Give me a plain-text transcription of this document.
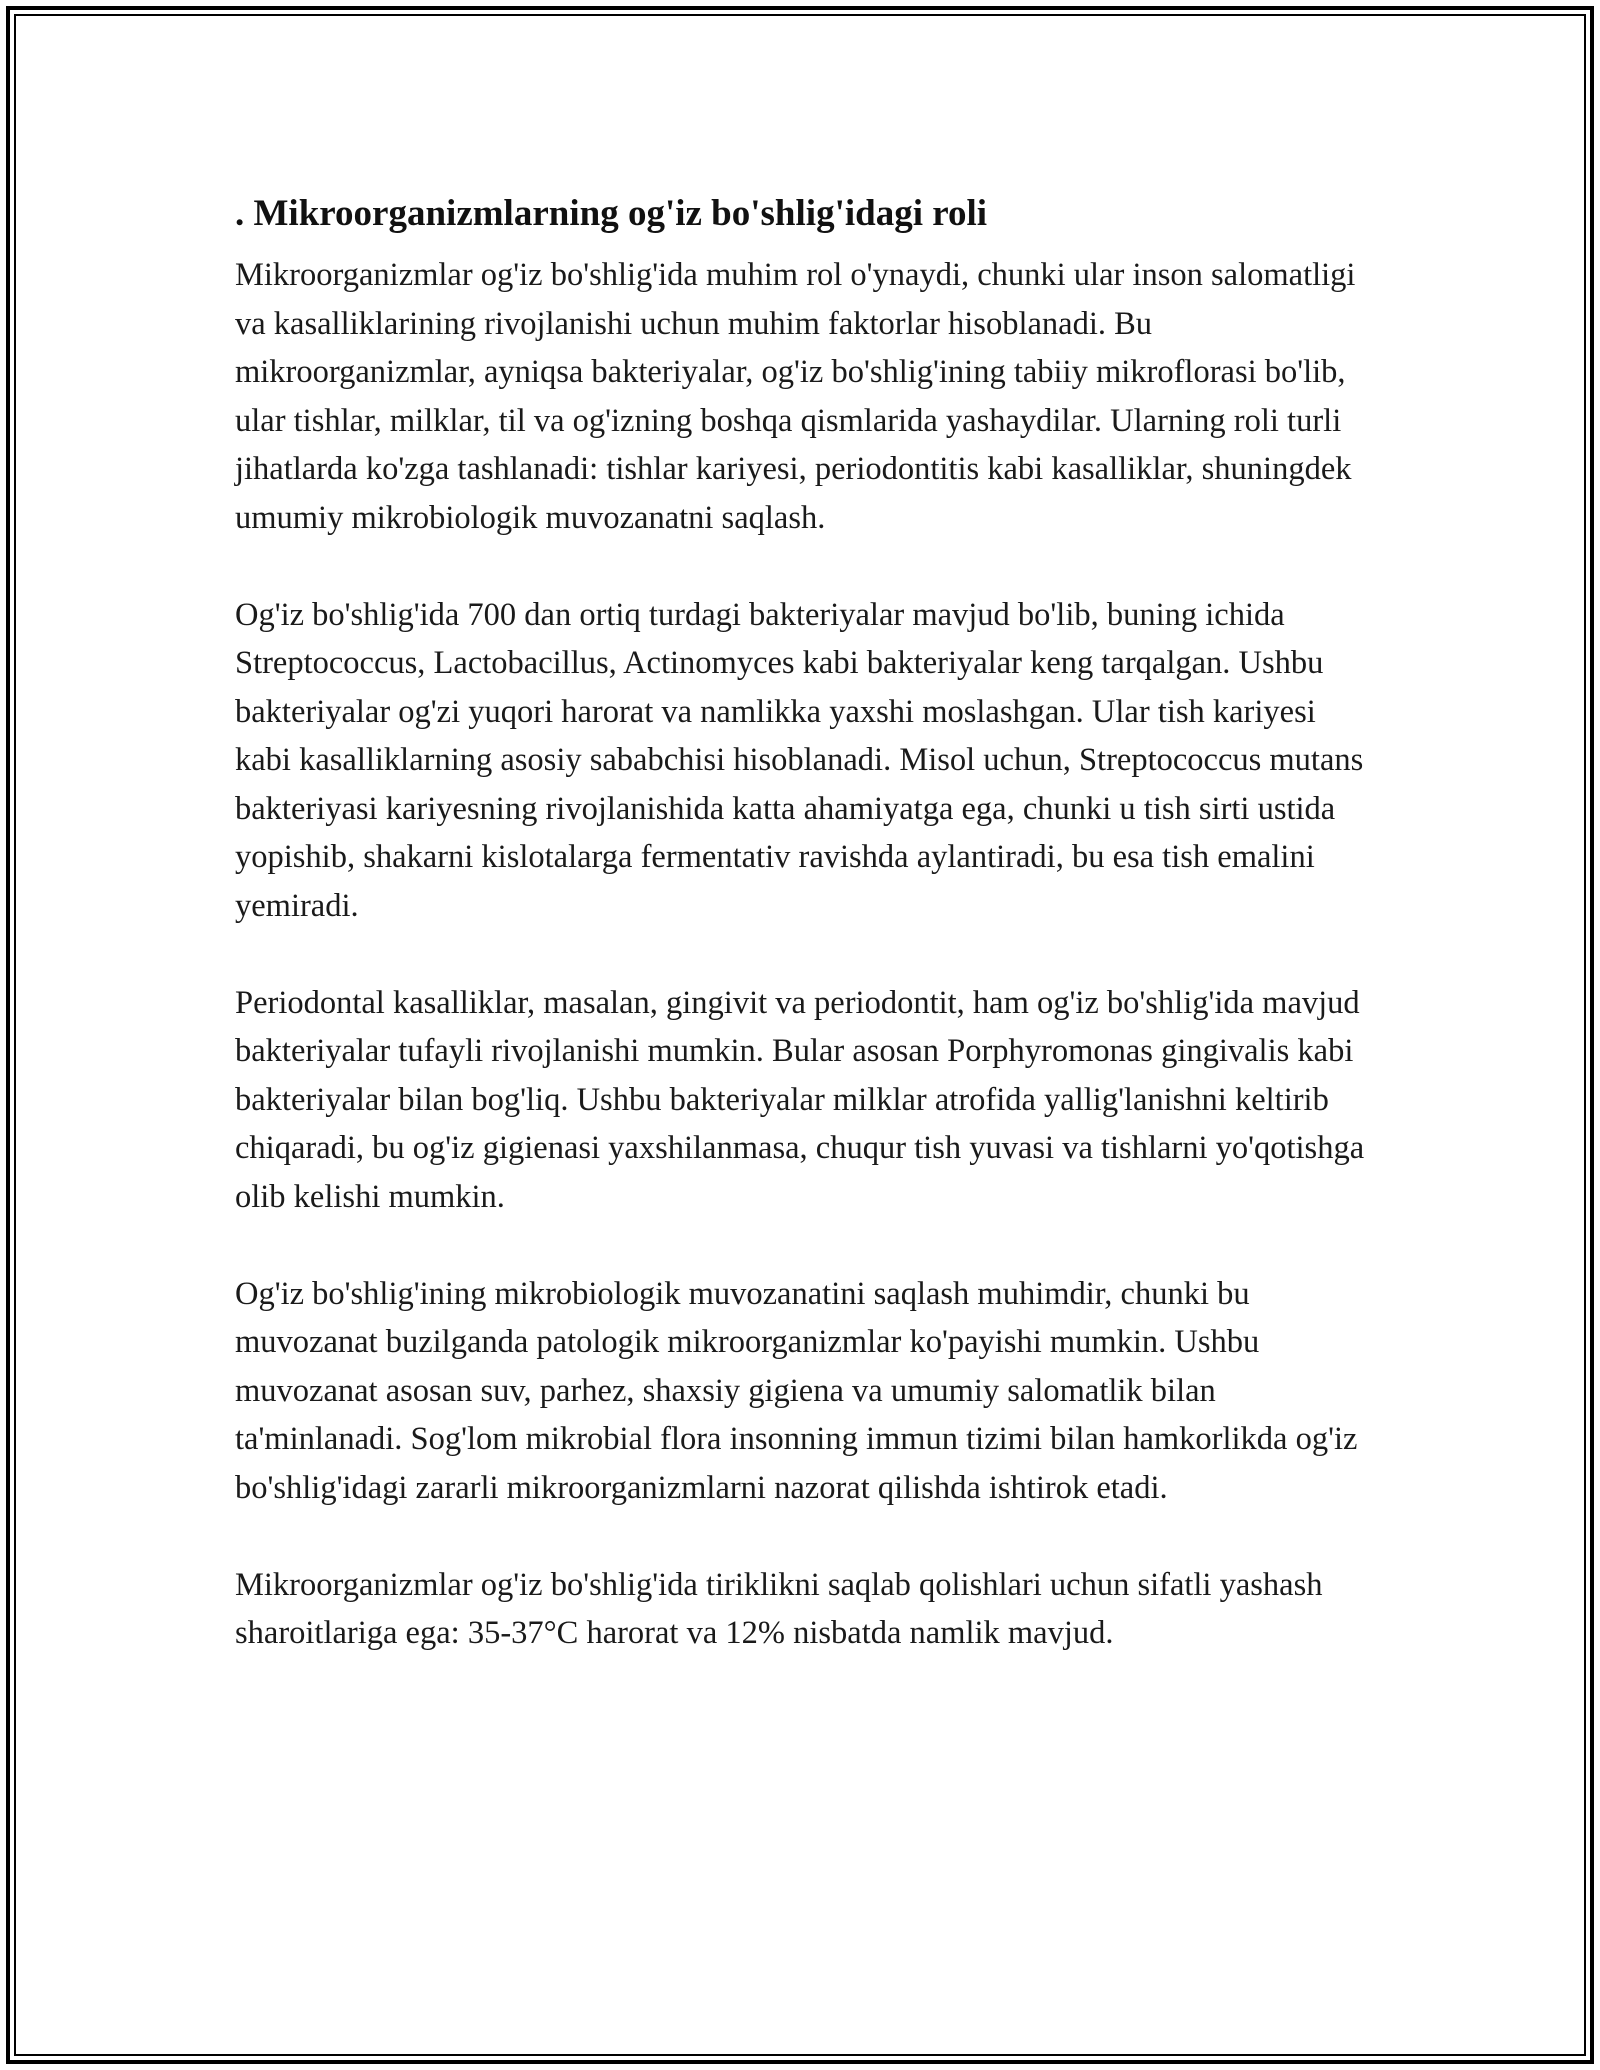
. Mikroorganizmlarning og'iz bo'shlig'idagi roli

Mikroorganizmlar og'iz bo'shlig'ida muhim rol o'ynaydi, chunki ular inson salomatligi va kasalliklarining rivojlanishi uchun muhim faktorlar hisoblanadi. Bu mikroorganizmlar, ayniqsa bakteriyalar, og'iz bo'shlig'ining tabiiy mikroflorasi bo'lib, ular tishlar, milklar, til va og'izning boshqa qismlarida yashaydilar. Ularning roli turli jihatlarda ko'zga tashlanadi: tishlar kariyesi, periodontitis kabi kasalliklar, shuningdek umumiy mikrobiologik muvozanatni saqlash.

Og'iz bo'shlig'ida 700 dan ortiq turdagi bakteriyalar mavjud bo'lib, buning ichida Streptococcus, Lactobacillus, Actinomyces kabi bakteriyalar keng tarqalgan. Ushbu bakteriyalar og'zi yuqori harorat va namlikka yaxshi moslashgan. Ular tish kariyesi kabi kasalliklarning asosiy sababchisi hisoblanadi. Misol uchun, Streptococcus mutans bakteriyasi kariyesning rivojlanishida katta ahamiyatga ega, chunki u tish sirti ustida yopishib, shakarni kislotalarga fermentativ ravishda aylantiradi, bu esa tish emalini yemiradi.

Periodontal kasalliklar, masalan, gingivit va periodontit, ham og'iz bo'shlig'ida mavjud bakteriyalar tufayli rivojlanishi mumkin. Bular asosan Porphyromonas gingivalis kabi bakteriyalar bilan bog'liq. Ushbu bakteriyalar milklar atrofida yallig'lanishni keltirib chiqaradi, bu og'iz gigienasi yaxshilanmasa, chuqur tish yuvasi va tishlarni yo'qotishga olib kelishi mumkin.

Og'iz bo'shlig'ining mikrobiologik muvozanatini saqlash muhimdir, chunki bu muvozanat buzilganda patologik mikroorganizmlar ko'payishi mumkin. Ushbu muvozanat asosan suv, parhez, shaxsiy gigiena va umumiy salomatlik bilan ta'minlanadi. Sog'lom mikrobial flora insonning immun tizimi bilan hamkorlikda og'iz bo'shlig'idagi zararli mikroorganizmlarni nazorat qilishda ishtirok etadi.

Mikroorganizmlar og'iz bo'shlig'ida tiriklikni saqlab qolishlari uchun sifatli yashash sharoitlariga ega: 35-37°C harorat va 12% nisbatda namlik mavjud.
